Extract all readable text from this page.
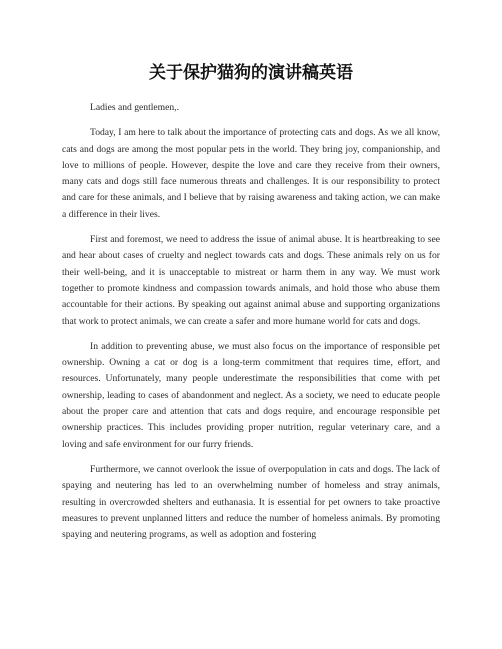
关于保护猫狗的演讲稿英语

Ladies and gentlemen,.

Today, I am here to talk about the importance of protecting cats and dogs. As we all know, cats and dogs are among the most popular pets in the world. They bring joy, companionship, and love to millions of people. However, despite the love and care they receive from their owners, many cats and dogs still face numerous threats and challenges. It is our responsibility to protect and care for these animals, and I believe that by raising awareness and taking action, we can make a difference in their lives.

First and foremost, we need to address the issue of animal abuse. It is heartbreaking to see and hear about cases of cruelty and neglect towards cats and dogs. These animals rely on us for their well-being, and it is unacceptable to mistreat or harm them in any way. We must work together to promote kindness and compassion towards animals, and hold those who abuse them accountable for their actions. By speaking out against animal abuse and supporting organizations that work to protect animals, we can create a safer and more humane world for cats and dogs.

In addition to preventing abuse, we must also focus on the importance of responsible pet ownership. Owning a cat or dog is a long-term commitment that requires time, effort, and resources. Unfortunately, many people underestimate the responsibilities that come with pet ownership, leading to cases of abandonment and neglect. As a society, we need to educate people about the proper care and attention that cats and dogs require, and encourage responsible pet ownership practices. This includes providing proper nutrition, regular veterinary care, and a loving and safe environment for our furry friends.

Furthermore, we cannot overlook the issue of overpopulation in cats and dogs. The lack of spaying and neutering has led to an overwhelming number of homeless and stray animals, resulting in overcrowded shelters and euthanasia. It is essential for pet owners to take proactive measures to prevent unplanned litters and reduce the number of homeless animals. By promoting spaying and neutering programs, as well as adoption and fostering
